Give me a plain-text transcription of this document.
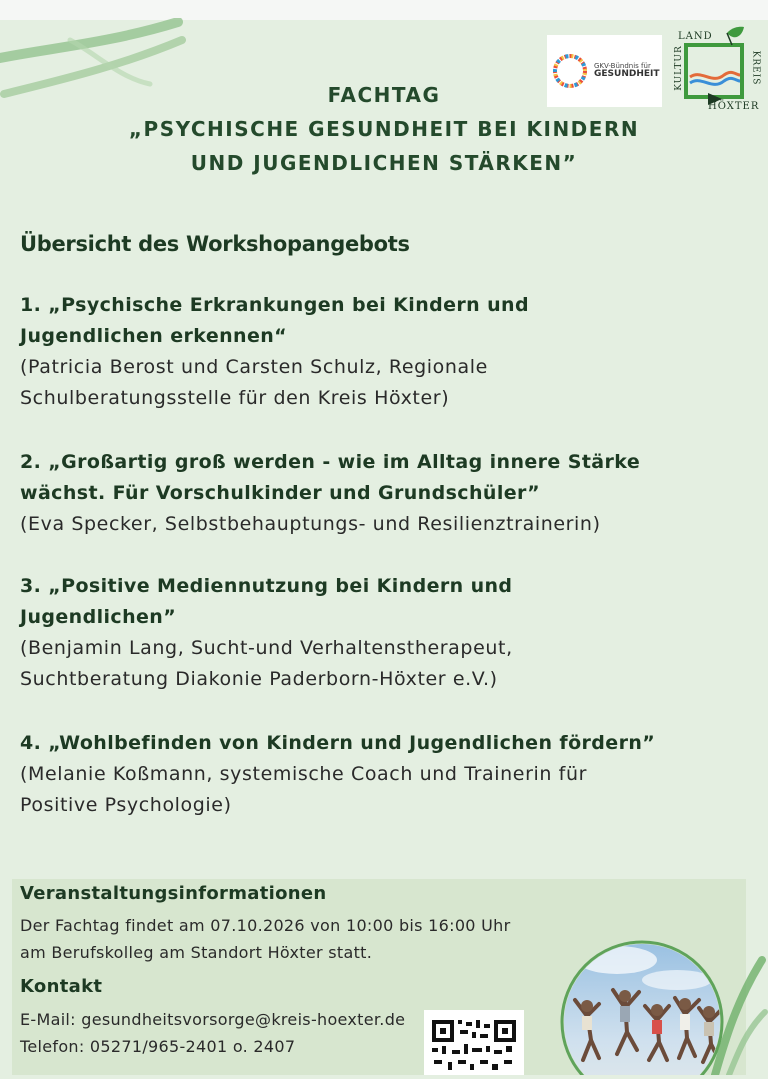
GKV-Bündnis für
GESUNDHEIT
LAND
KULTUR	KREIS
HÖXTER
FACHTAG
„PSYCHISCHE GESUNDHEIT BEI KINDERN
UND JUGENDLICHEN STÄRKEN”
Übersicht des Workshopangebots
1. „Psychische Erkrankungen bei Kindern und
Jugendlichen erkennen“
(Patricia Berost und Carsten Schulz, Regionale
Schulberatungsstelle für den Kreis Höxter)
2. „Großartig groß werden - wie im Alltag innere Stärke
wächst. Für Vorschulkinder und Grundschüler”
(Eva Specker, Selbstbehauptungs- und Resilienztrainerin)
3. „Positive Mediennutzung bei Kindern und
Jugendlichen”
(Benjamin Lang, Sucht-und Verhaltenstherapeut,
Suchtberatung Diakonie Paderborn-Höxter e.V.)
4. „Wohlbefinden von Kindern und Jugendlichen fördern”
(Melanie Koßmann, systemische Coach und Trainerin für
Positive Psychologie)
Veranstaltungsinformationen
Der Fachtag findet am 07.10.2026 von 10:00 bis 16:00 Uhr
am Berufskolleg am Standort Höxter statt.
Kontakt
E-Mail: gesundheitsvorsorge@kreis-hoexter.de
Telefon: 05271/965-2401 o. 2407
